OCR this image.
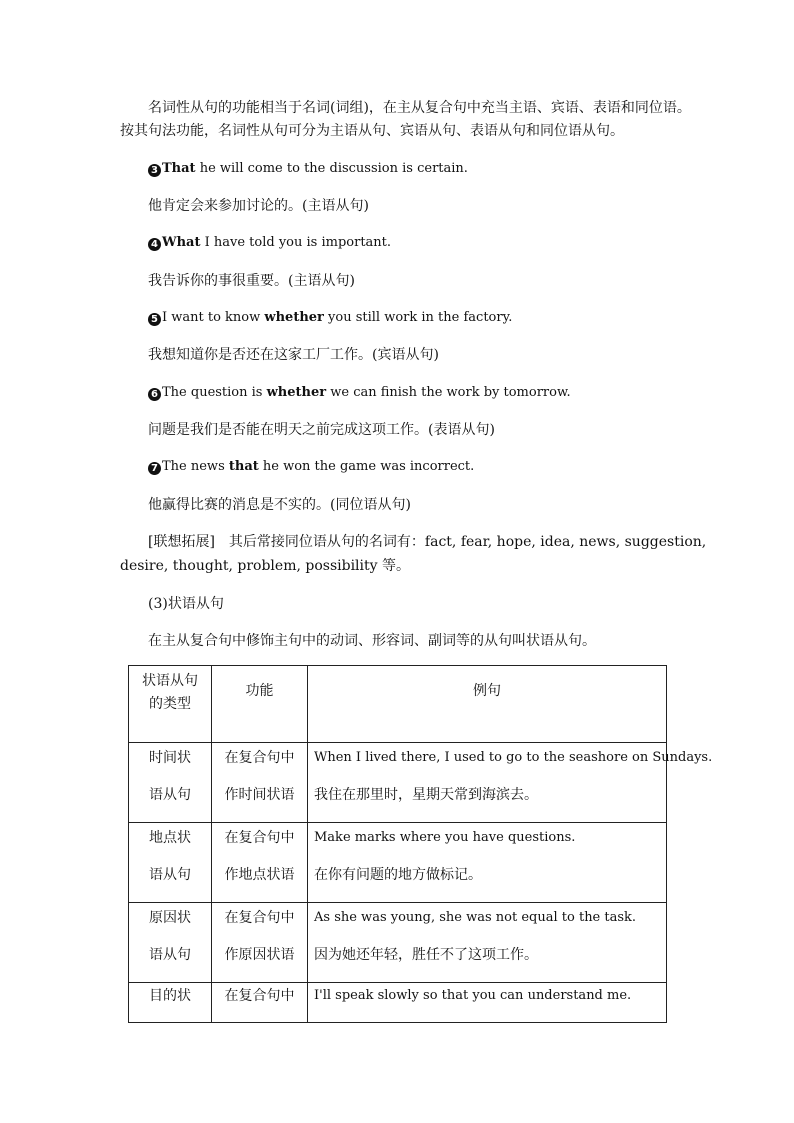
名词性从句的功能相当于名词(词组)，在主从复合句中充当主语、宾语、表语和同位语。
按其句法功能，名词性从句可分为主语从句、宾语从句、表语从句和同位语从句。
3 That he will come to the discussion is certain.
他肯定会来参加讨论的。(主语从句)
4 What I have told you is important.
我告诉你的事很重要。(主语从句)
5 I want to know whether you still work in the factory.
我想知道你是否还在这家工厂工作。(宾语从句)
6 The question is whether we can finish the work by tomorrow.
问题是我们是否能在明天之前完成这项工作。(表语从句)
7 The news that he won the game was incorrect.
他赢得比赛的消息是不实的。(同位语从句)
[联想拓展]　其后常接同位语从句的名词有：fact, fear, hope, idea, news, suggestion,
desire, thought, problem, possibility 等。
(3)状语从句
在主从复合句中修饰主句中的动词、形容词、副词等的从句叫状语从句。
状语从句
的类型	功能	例句

时间状
语从句	在复合句中
作时间状语	When I lived there, I used to go to the seashore on Sundays.
我住在那里时，星期天常到海滨去。

地点状
语从句	在复合句中
作地点状语	Make marks where you have questions.
在你有问题的地方做标记。

原因状
语从句	在复合句中
作原因状语	As she was young, she was not equal to the task.
因为她还年轻，胜任不了这项工作。

目的状	在复合句中	I'll speak slowly so that you can understand me.
